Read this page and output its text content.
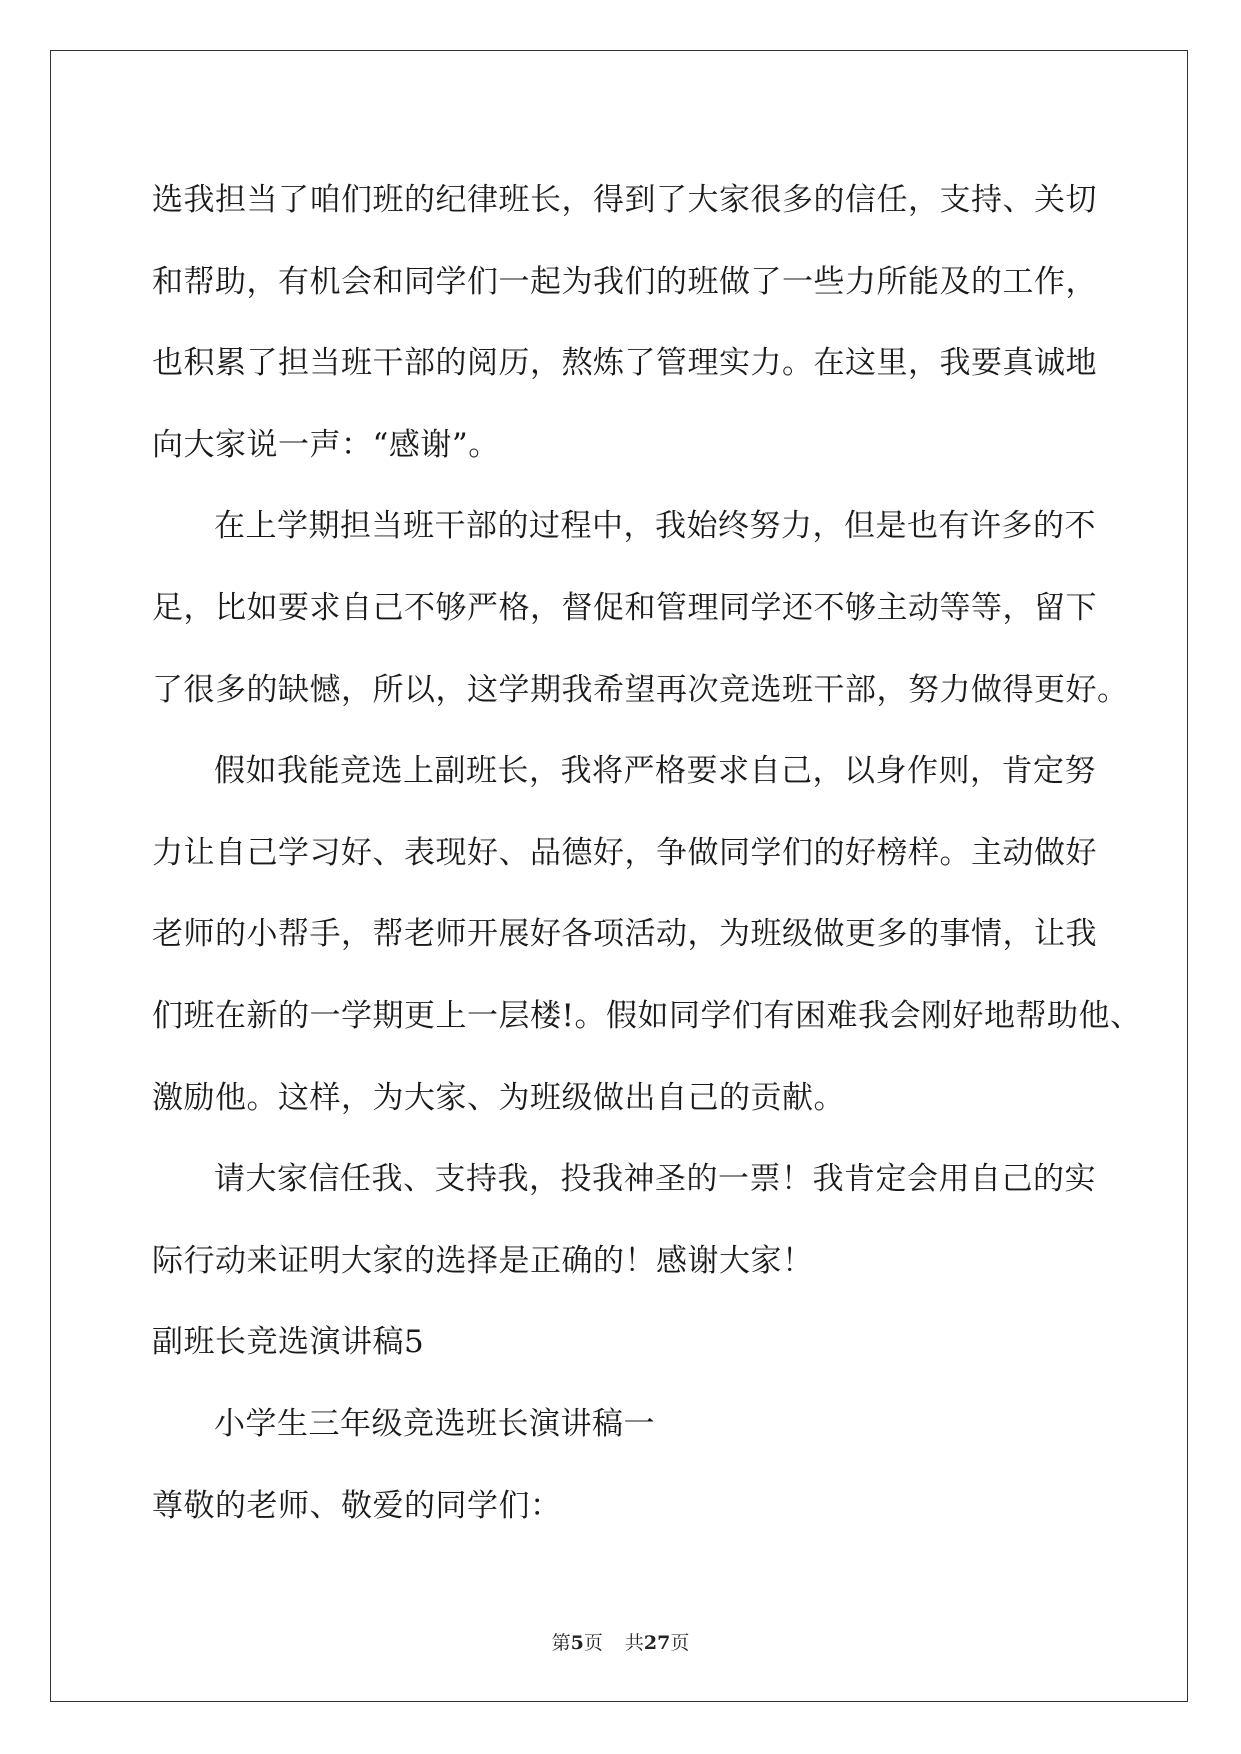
选我担当了咱们班的纪律班长，得到了大家很多的信任，支持、关切
和帮助，有机会和同学们一起为我们的班做了一些力所能及的工作，
也积累了担当班干部的阅历，熬炼了管理实力。在这里，我要真诚地
向大家说一声：“感谢”。
在上学期担当班干部的过程中，我始终努力，但是也有许多的不
足，比如要求自己不够严格，督促和管理同学还不够主动等等，留下
了很多的缺憾，所以，这学期我希望再次竞选班干部，努力做得更好。
假如我能竞选上副班长，我将严格要求自己，以身作则，肯定努
力让自己学习好、表现好、品德好，争做同学们的好榜样。主动做好
老师的小帮手，帮老师开展好各项活动，为班级做更多的事情，让我
们班在新的一学期更上一层楼!。假如同学们有困难我会刚好地帮助他、
激励他。这样，为大家、为班级做出自己的贡献。
请大家信任我、支持我，投我神圣的一票！我肯定会用自己的实
际行动来证明大家的选择是正确的！感谢大家！
副班长竞选演讲稿5
小学生三年级竞选班长演讲稿一
尊敬的老师、敬爱的同学们：
第5页 共27页
